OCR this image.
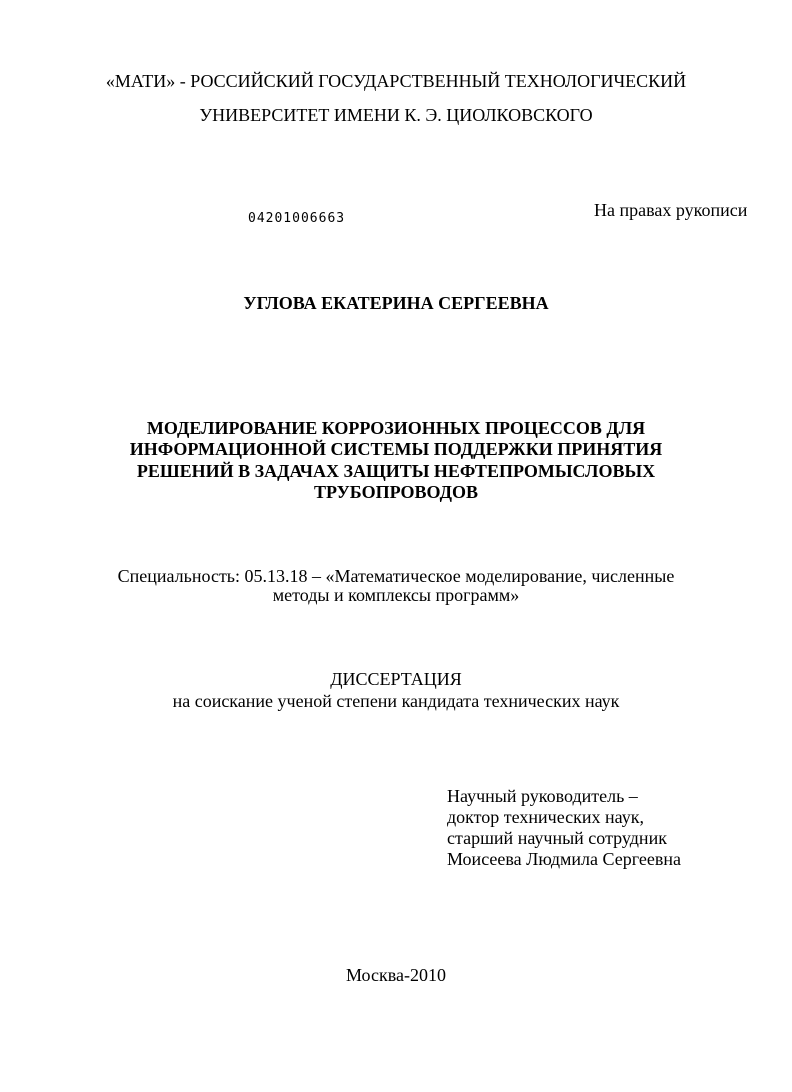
«МАТИ» - РОССИЙСКИЙ ГОСУДАРСТВЕННЫЙ ТЕХНОЛОГИЧЕСКИЙ
УНИВЕРСИТЕТ ИМЕНИ К. Э. ЦИОЛКОВСКОГО
04201006663	На правах рукописи
УГЛОВА ЕКАТЕРИНА СЕРГЕЕВНА
МОДЕЛИРОВАНИЕ КОРРОЗИОННЫХ ПРОЦЕССОВ ДЛЯ
ИНФОРМАЦИОННОЙ СИСТЕМЫ ПОДДЕРЖКИ ПРИНЯТИЯ
РЕШЕНИЙ В ЗАДАЧАХ ЗАЩИТЫ НЕФТЕПРОМЫСЛОВЫХ
ТРУБОПРОВОДОВ
Специальность: 05.13.18 – «Математическое моделирование, численные
методы и комплексы программ»
ДИССЕРТАЦИЯ
на соискание ученой степени кандидата технических наук
Научный руководитель –
доктор технических наук,
старший научный сотрудник
Моисеева Людмила Сергеевна
Москва-2010
